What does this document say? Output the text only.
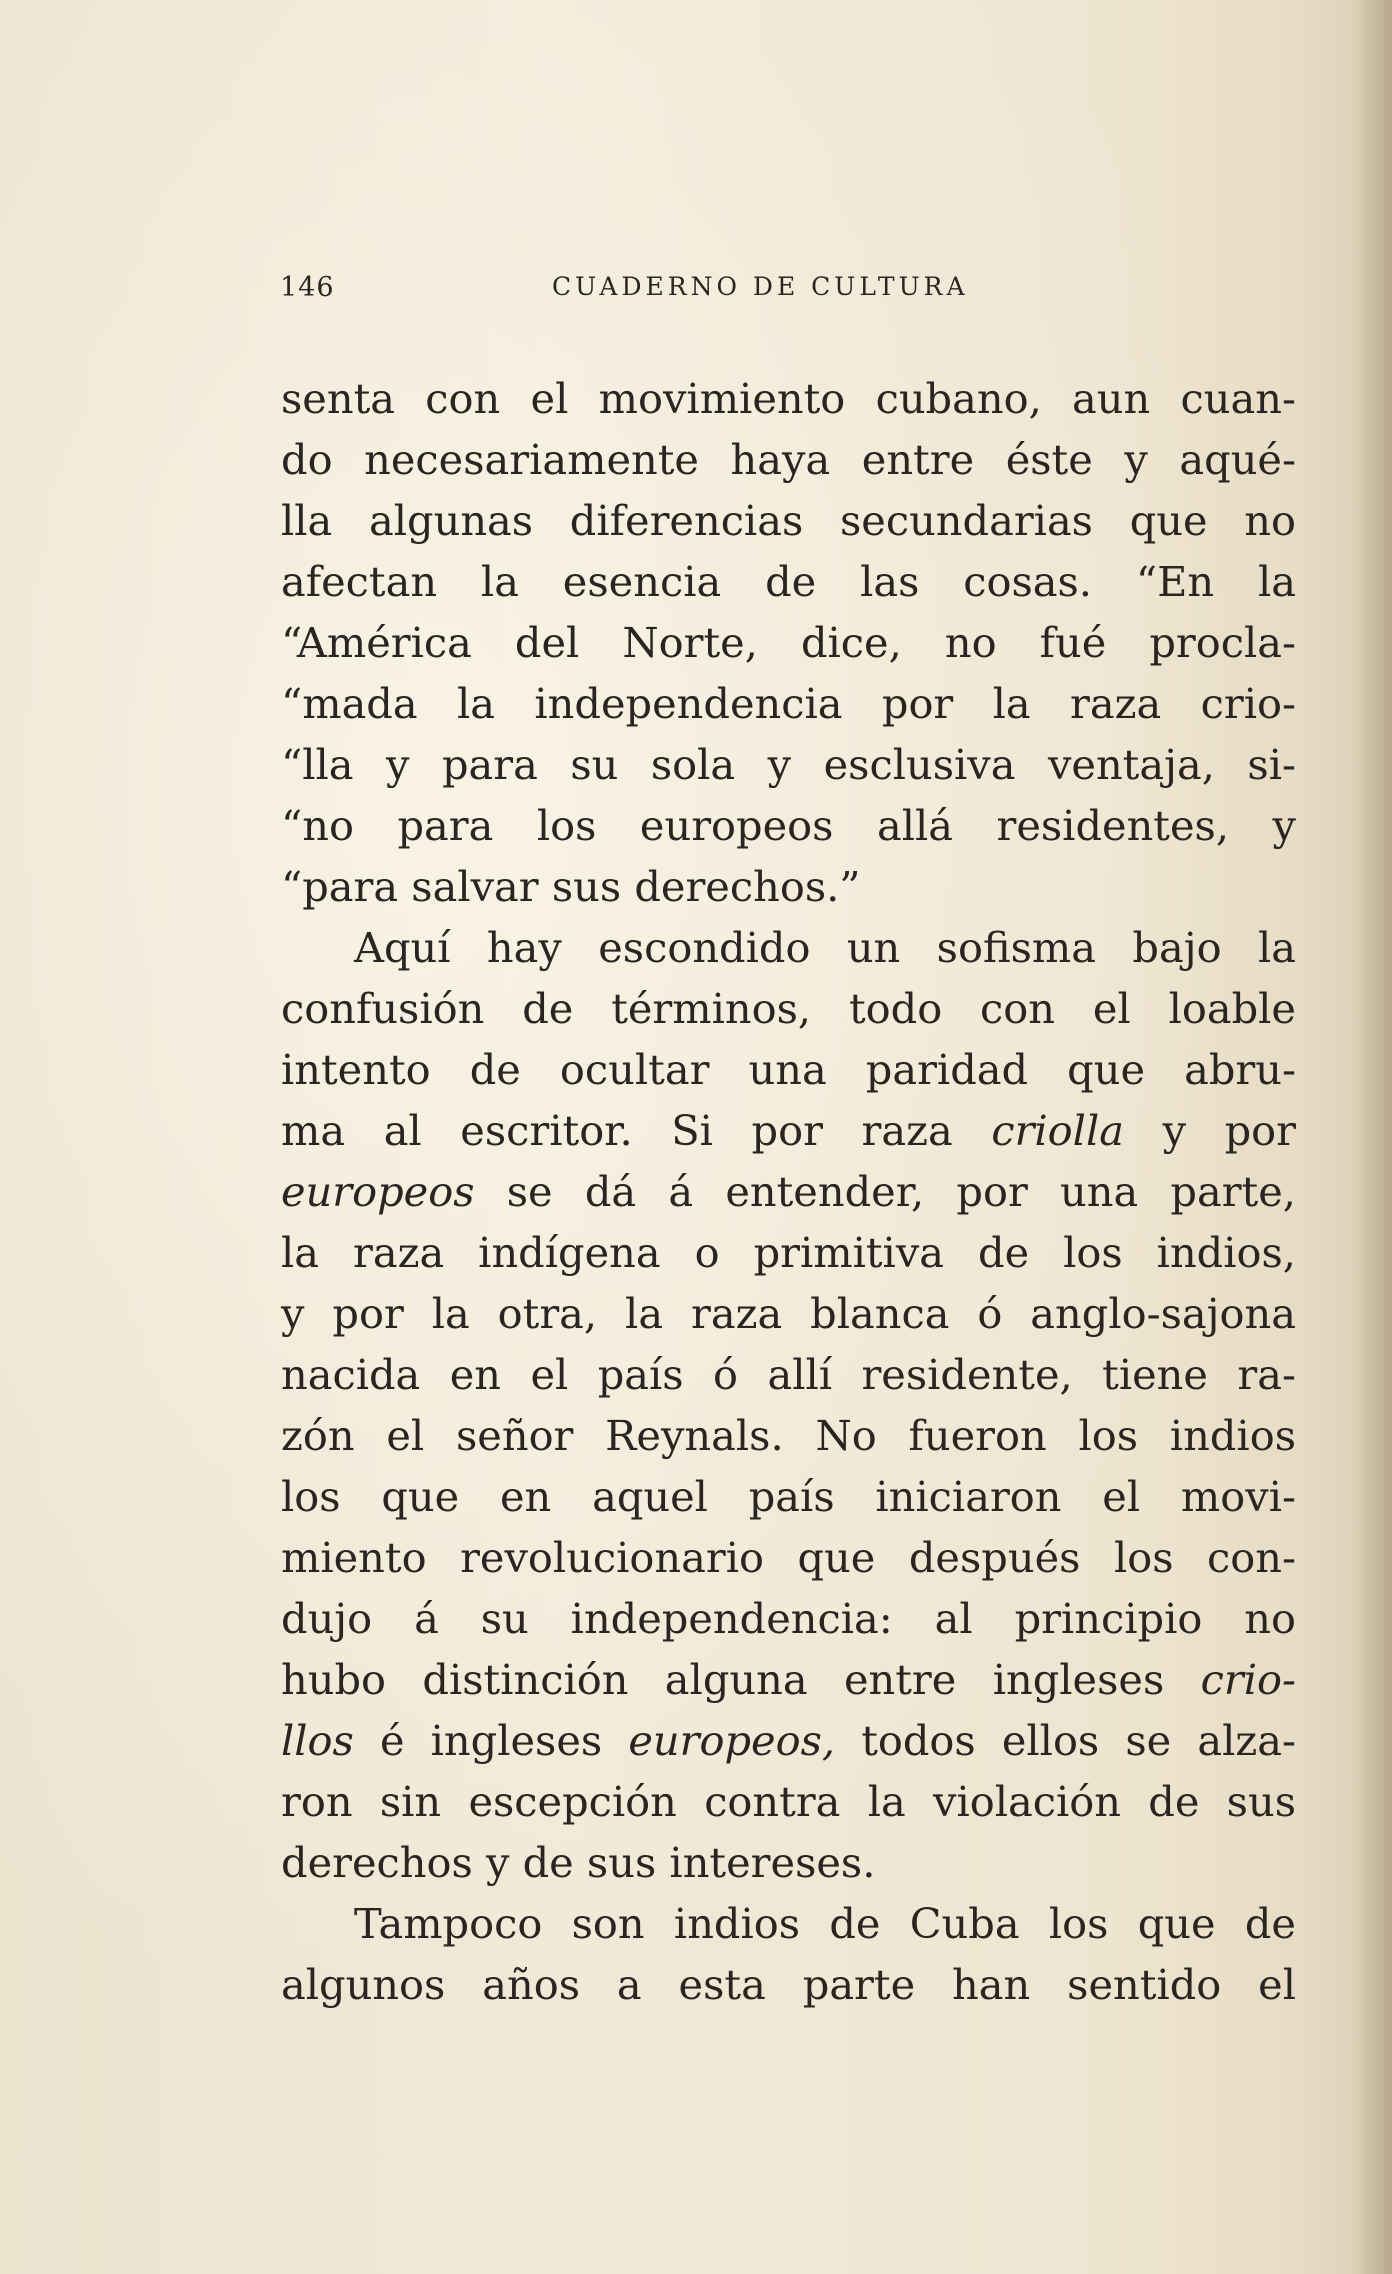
146	CUADERNO DE CULTURA
senta con el movimiento cubano, aun cuan-
do necesariamente haya entre éste y aqué-
lla algunas diferencias secundarias que no
afectan la esencia de las cosas. “En la
“América del Norte, dice, no fué procla-
“mada la independencia por la raza crio-
“lla y para su sola y esclusiva ventaja, si-
“no para los europeos allá residentes, y
“para salvar sus derechos.”
Aquí hay escondido un sofisma bajo la
confusión de términos, todo con el loable
intento de ocultar una paridad que abru-
ma al escritor. Si por raza criolla y por
europeos se dá á entender, por una parte,
la raza indígena o primitiva de los indios,
y por la otra, la raza blanca ó anglo-sajona
nacida en el país ó allí residente, tiene ra-
zón el señor Reynals. No fueron los indios
los que en aquel país iniciaron el movi-
miento revolucionario que después los con-
dujo á su independencia: al principio no
hubo distinción alguna entre ingleses crio-
llos é ingleses europeos, todos ellos se alza-
ron sin escepción contra la violación de sus
derechos y de sus intereses.
Tampoco son indios de Cuba los que de
algunos años a esta parte han sentido el
